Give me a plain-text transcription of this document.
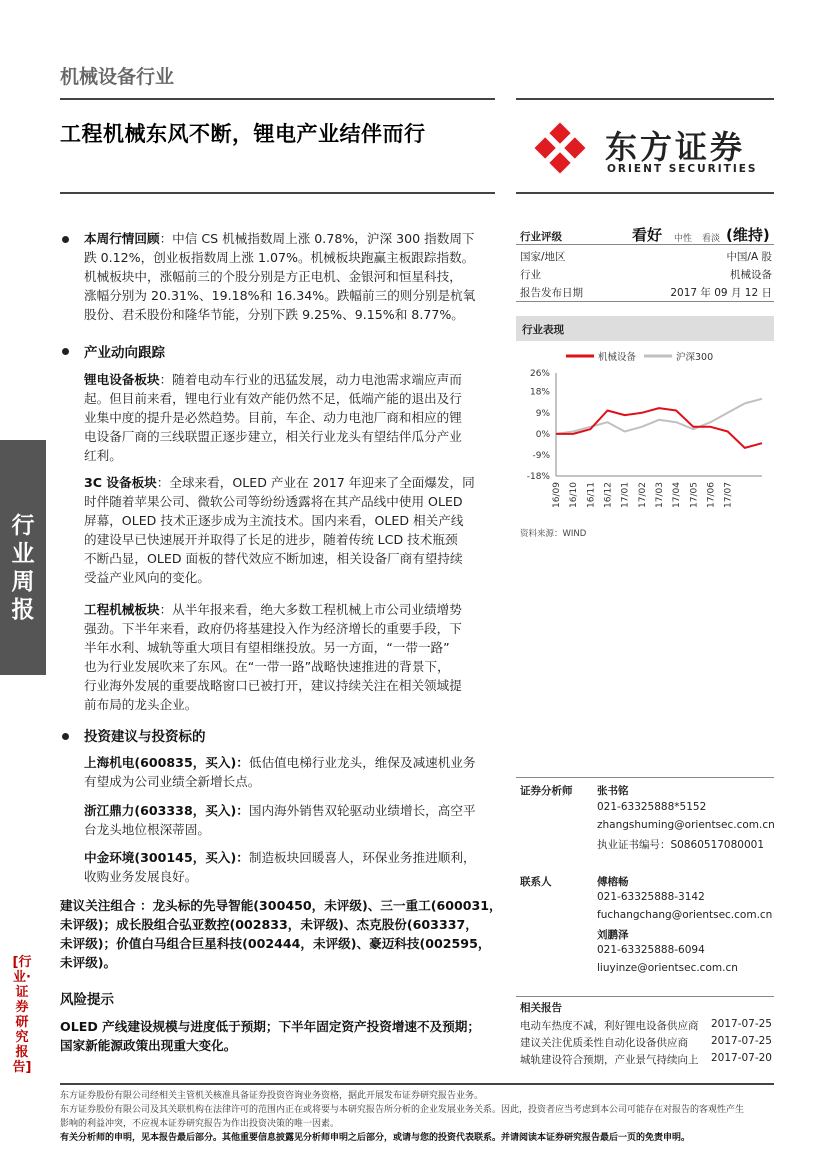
机械设备行业
工程机械东风不断，锂电产业结伴而行	东方证券
ORIENT SECURITIES
行业周报
[行业·证券研究报告]
本周行情回顾：中信 CS 机械指数周上涨 0.78%，沪深 300 指数周下
跌 0.12%，创业板指数周上涨 1.07%。机械板块跑赢主板跟踪指数。
机械板块中，涨幅前三的个股分别是方正电机、金银河和恒星科技，
涨幅分别为 20.31%、19.18%和 16.34%。跌幅前三的则分别是杭氧
股份、君禾股份和隆华节能，分别下跌 9.25%、9.15%和 8.77%。
产业动向跟踪
锂电设备板块：随着电动车行业的迅猛发展，动力电池需求端应声而
起。但目前来看，锂电行业有效产能仍然不足，低端产能的退出及行
业集中度的提升是必然趋势。目前，车企、动力电池厂商和相应的锂
电设备厂商的三线联盟正逐步建立，相关行业龙头有望结伴瓜分产业
红利。
3C 设备板块：全球来看，OLED 产业在 2017 年迎来了全面爆发，同
时伴随着苹果公司、微软公司等纷纷透露将在其产品线中使用 OLED
屏幕，OLED 技术正逐步成为主流技术。国内来看，OLED 相关产线
的建设早已快速展开并取得了长足的进步，随着传统 LCD 技术瓶颈
不断凸显，OLED 面板的替代效应不断加速，相关设备厂商有望持续
受益产业风向的变化。
工程机械板块：从半年报来看，绝大多数工程机械上市公司业绩增势
强劲。下半年来看，政府仍将基建投入作为经济增长的重要手段，下
半年水利、城轨等重大项目有望相继投放。另一方面，“一带一路”
也为行业发展吹来了东风。在“一带一路”战略快速推进的背景下，
行业海外发展的重要战略窗口已被打开，建议持续关注在相关领域提
前布局的龙头企业。
投资建议与投资标的
上海机电(600835，买入)：低估值电梯行业龙头，维保及减速机业务
有望成为公司业绩全新增长点。
浙江鼎力(603338，买入)：国内海外销售双轮驱动业绩增长，高空平
台龙头地位根深蒂固。
中金环境(300145，买入)：制造板块回暖喜人，环保业务推进顺利，
收购业务发展良好。
建议关注组合 ：龙头标的先导智能(300450，未评级)、三一重工(600031，
未评级)；成长股组合弘亚数控(002833，未评级)、杰克股份(603337，
未评级)；价值白马组合巨星科技(002444，未评级)、豪迈科技(002595，
未评级)。
风险提示
OLED 产线建设规模与进度低于预期；下半年固定资产投资增速不及预期；
国家新能源政策出现重大变化。
行业评级	看好 中性 看淡 (维持)
国家/地区	中国/A 股
行业	机械设备
报告发布日期	2017 年 09 月 12 日
行业表现
机械设备	沪深300
26%
18%
9%
0%
-9%
-18%
16/09 16/10 16/11 16/12 17/01 17/02 17/03 17/04 17/05 17/06 17/07
资料来源：WIND
证券分析师 张书铭
021-63325888*5152
zhangshuming@orientsec.com.cn
执业证书编号：S0860517080001
联系人	傅榕畅
021-63325888-3142
fuchangchang@orientsec.com.cn
刘鹏泽
021-63325888-6094
liuyinze@orientsec.com.cn
相关报告
电动车热度不减，利好锂电设备供应商	2017-07-25
建议关注优质柔性自动化设备供应商	2017-07-25
城轨建设符合预期，产业景气持续向上	2017-07-20
东方证券股份有限公司经相关主管机关核准具备证券投资咨询业务资格，据此开展发布证券研究报告业务。
东方证券股份有限公司及其关联机构在法律许可的范围内正在或将要与本研究报告所分析的企业发展业务关系。因此，投资者应当考虑到本公司可能存在对报告的客观性产生
影响的利益冲突，不应视本证券研究报告为作出投资决策的唯一因素。
有关分析师的申明，见本报告最后部分。其他重要信息披露见分析师申明之后部分，或请与您的投资代表联系。并请阅读本证券研究报告最后一页的免责申明。
